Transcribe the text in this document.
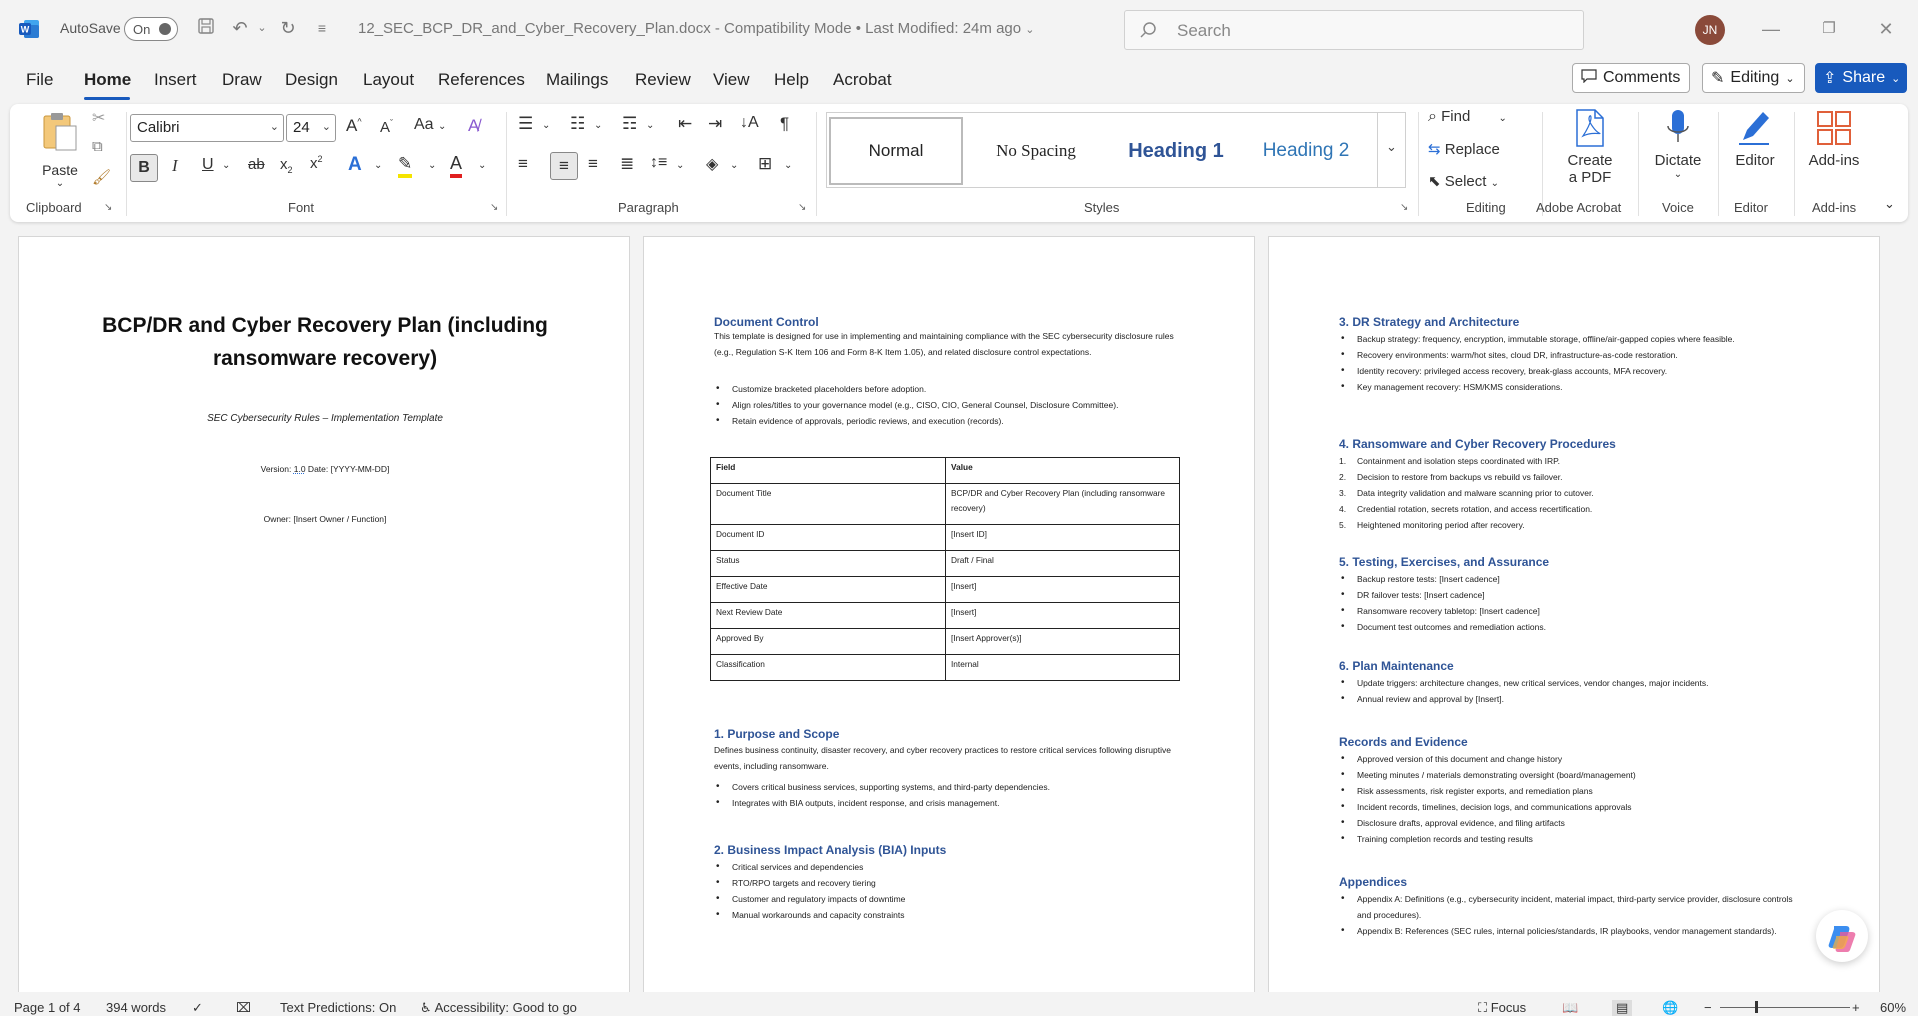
W AutoSave On	↶ ⌄ ↻	≡	12_SEC_BCP_DR_and_Cyber_Recovery_Plan.docx - Compatibility Mode • Last Modified: 24m ago ⌄	Search	JN	—	❐	✕
File Home Insert Draw Design Layout References Mailings Review View Help Acrobat	Comments ✎ Editing ⌄ ⇪ Share ⌄
Paste
⌄
✂
⧉
🖌
Clipboard ↘
Calibri	⌄ 24 ⌄ A^ $A^ˇ$ Aa ⌄ A̸
B	I U ⌄ ab $x_2$ $x^2$ A ⌄ ✎ ⌄ A ⌄
Font	↘
☰ ⌄ ☷ ⌄ ☶ ⌄ ⇤ ⇥ ↓A ¶
≡	≡	≡ ≣ ↕≡ ⌄ ◈ ⌄ ⊞ ⌄
Paragraph	↘
Normal	No Spacing	Heading 1	Heading 2	⌄
Styles	↘
⌕ Find	⌄
⇆ Replace
⬉ Select ⌄
Editing
Create
a PDF
Adobe Acrobat
Dictate
⌄
Voice
Editor
Editor
Add-ins
Add-ins ⌄
BCP/DR and Cyber Recovery Plan (including ransomware recovery)
SEC Cybersecurity Rules – Implementation Template
Version: 1.0 Date: [YYYY-MM-DD]
Owner: [Insert Owner / Function]
Document Control
This template is designed for use in implementing and maintaining compliance with the SEC cybersecurity disclosure rules (e.g., Regulation S-K Item 106 and Form 8-K Item 1.05), and related disclosure control expectations.
• Customize bracketed placeholders before adoption.
• Align roles/titles to your governance model (e.g., CISO, CIO, General Counsel, Disclosure Committee).
• Retain evidence of approvals, periodic reviews, and execution (records).
Field	Value
Document Title	BCP/DR and Cyber Recovery Plan (including ransomware recovery)
Document ID	[Insert ID]
Status	Draft / Final
Effective Date	[Insert]
Next Review Date	[Insert]
Approved By	[Insert Approver(s)]
Classification	Internal
1. Purpose and Scope
Defines business continuity, disaster recovery, and cyber recovery practices to restore critical services following disruptive events, including ransomware.
• Covers critical business services, supporting systems, and third-party dependencies.
• Integrates with BIA outputs, incident response, and crisis management.
2. Business Impact Analysis (BIA) Inputs
• Critical services and dependencies
• RTO/RPO targets and recovery tiering
• Customer and regulatory impacts of downtime
• Manual workarounds and capacity constraints
3. DR Strategy and Architecture
• Backup strategy: frequency, encryption, immutable storage, offline/air-gapped copies where feasible.
• Recovery environments: warm/hot sites, cloud DR, infrastructure-as-code restoration.
• Identity recovery: privileged access recovery, break-glass accounts, MFA recovery.
• Key management recovery: HSM/KMS considerations.
4. Ransomware and Cyber Recovery Procedures
Containment and isolation steps coordinated with IRP.
Decision to restore from backups vs rebuild vs failover.
Data integrity validation and malware scanning prior to cutover.
Credential rotation, secrets rotation, and access recertification.
Heightened monitoring period after recovery.
5. Testing, Exercises, and Assurance
• Backup restore tests: [Insert cadence]
• DR failover tests: [Insert cadence]
• Ransomware recovery tabletop: [Insert cadence]
• Document test outcomes and remediation actions.
6. Plan Maintenance
• Update triggers: architecture changes, new critical services, vendor changes, major incidents.
• Annual review and approval by [Insert].
Records and Evidence
• Approved version of this document and change history
• Meeting minutes / materials demonstrating oversight (board/management)
• Risk assessments, risk register exports, and remediation plans
• Incident records, timelines, decision logs, and communications approvals
• Disclosure drafts, approval evidence, and filing artifacts
• Training completion records and testing results
Appendices
• Appendix A: Definitions (e.g., cybersecurity incident, material impact, third-party service provider, disclosure controls and procedures).
• Appendix B: References (SEC rules, internal policies/standards, IR playbooks, vendor management standards).
Page 1 of 4 394 words ✓	⌧ Text Predictions: On ♿ Accessibility: Good to go	⛶ Focus	📖	▤	🌐 −	+ 60%
